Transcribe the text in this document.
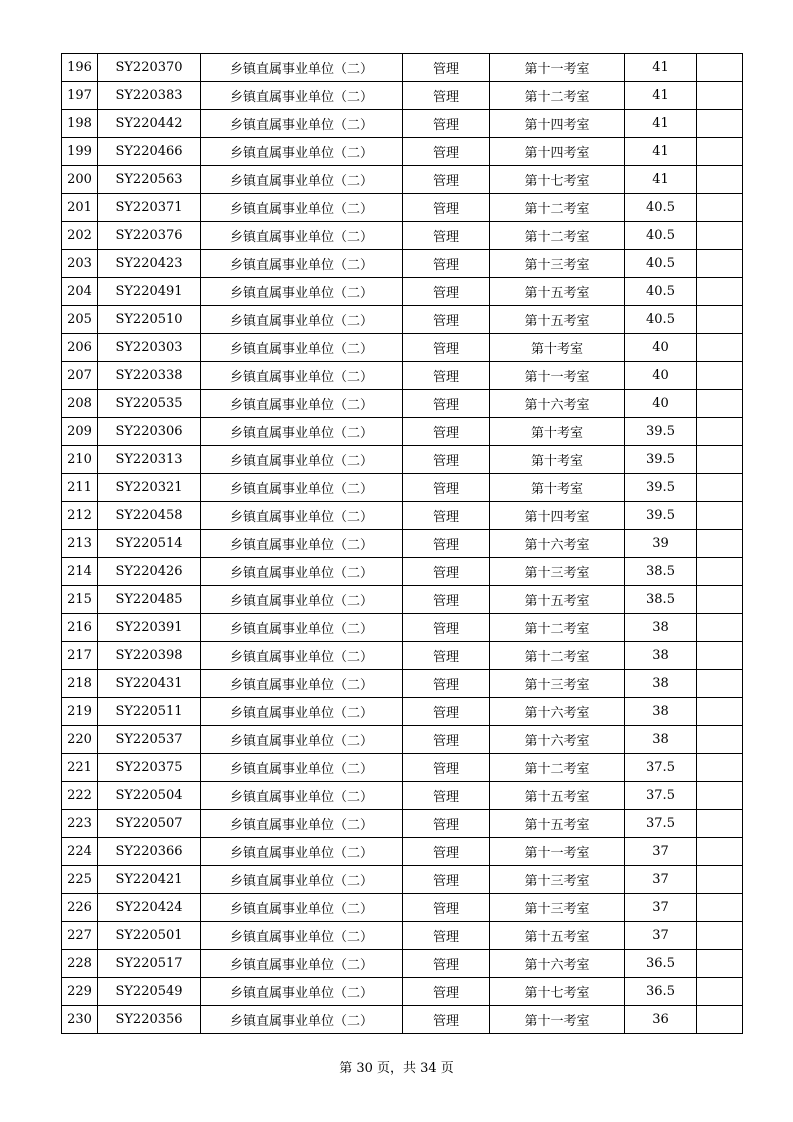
196	SY220370	乡镇直属事业单位（二）	管理	第十一考室	41	
197	SY220383	乡镇直属事业单位（二）	管理	第十二考室	41	
198	SY220442	乡镇直属事业单位（二）	管理	第十四考室	41	
199	SY220466	乡镇直属事业单位（二）	管理	第十四考室	41	
200	SY220563	乡镇直属事业单位（二）	管理	第十七考室	41	
201	SY220371	乡镇直属事业单位（二）	管理	第十二考室	40.5	
202	SY220376	乡镇直属事业单位（二）	管理	第十二考室	40.5	
203	SY220423	乡镇直属事业单位（二）	管理	第十三考室	40.5	
204	SY220491	乡镇直属事业单位（二）	管理	第十五考室	40.5	
205	SY220510	乡镇直属事业单位（二）	管理	第十五考室	40.5	
206	SY220303	乡镇直属事业单位（二）	管理	第十考室	40	
207	SY220338	乡镇直属事业单位（二）	管理	第十一考室	40	
208	SY220535	乡镇直属事业单位（二）	管理	第十六考室	40	
209	SY220306	乡镇直属事业单位（二）	管理	第十考室	39.5	
210	SY220313	乡镇直属事业单位（二）	管理	第十考室	39.5	
211	SY220321	乡镇直属事业单位（二）	管理	第十考室	39.5	
212	SY220458	乡镇直属事业单位（二）	管理	第十四考室	39.5	
213	SY220514	乡镇直属事业单位（二）	管理	第十六考室	39	
214	SY220426	乡镇直属事业单位（二）	管理	第十三考室	38.5	
215	SY220485	乡镇直属事业单位（二）	管理	第十五考室	38.5	
216	SY220391	乡镇直属事业单位（二）	管理	第十二考室	38	
217	SY220398	乡镇直属事业单位（二）	管理	第十二考室	38	
218	SY220431	乡镇直属事业单位（二）	管理	第十三考室	38	
219	SY220511	乡镇直属事业单位（二）	管理	第十六考室	38	
220	SY220537	乡镇直属事业单位（二）	管理	第十六考室	38	
221	SY220375	乡镇直属事业单位（二）	管理	第十二考室	37.5	
222	SY220504	乡镇直属事业单位（二）	管理	第十五考室	37.5	
223	SY220507	乡镇直属事业单位（二）	管理	第十五考室	37.5	
224	SY220366	乡镇直属事业单位（二）	管理	第十一考室	37	
225	SY220421	乡镇直属事业单位（二）	管理	第十三考室	37	
226	SY220424	乡镇直属事业单位（二）	管理	第十三考室	37	
227	SY220501	乡镇直属事业单位（二）	管理	第十五考室	37	
228	SY220517	乡镇直属事业单位（二）	管理	第十六考室	36.5	
229	SY220549	乡镇直属事业单位（二）	管理	第十七考室	36.5	
230	SY220356	乡镇直属事业单位（二）	管理	第十一考室	36	
第 30 页，共 34 页
